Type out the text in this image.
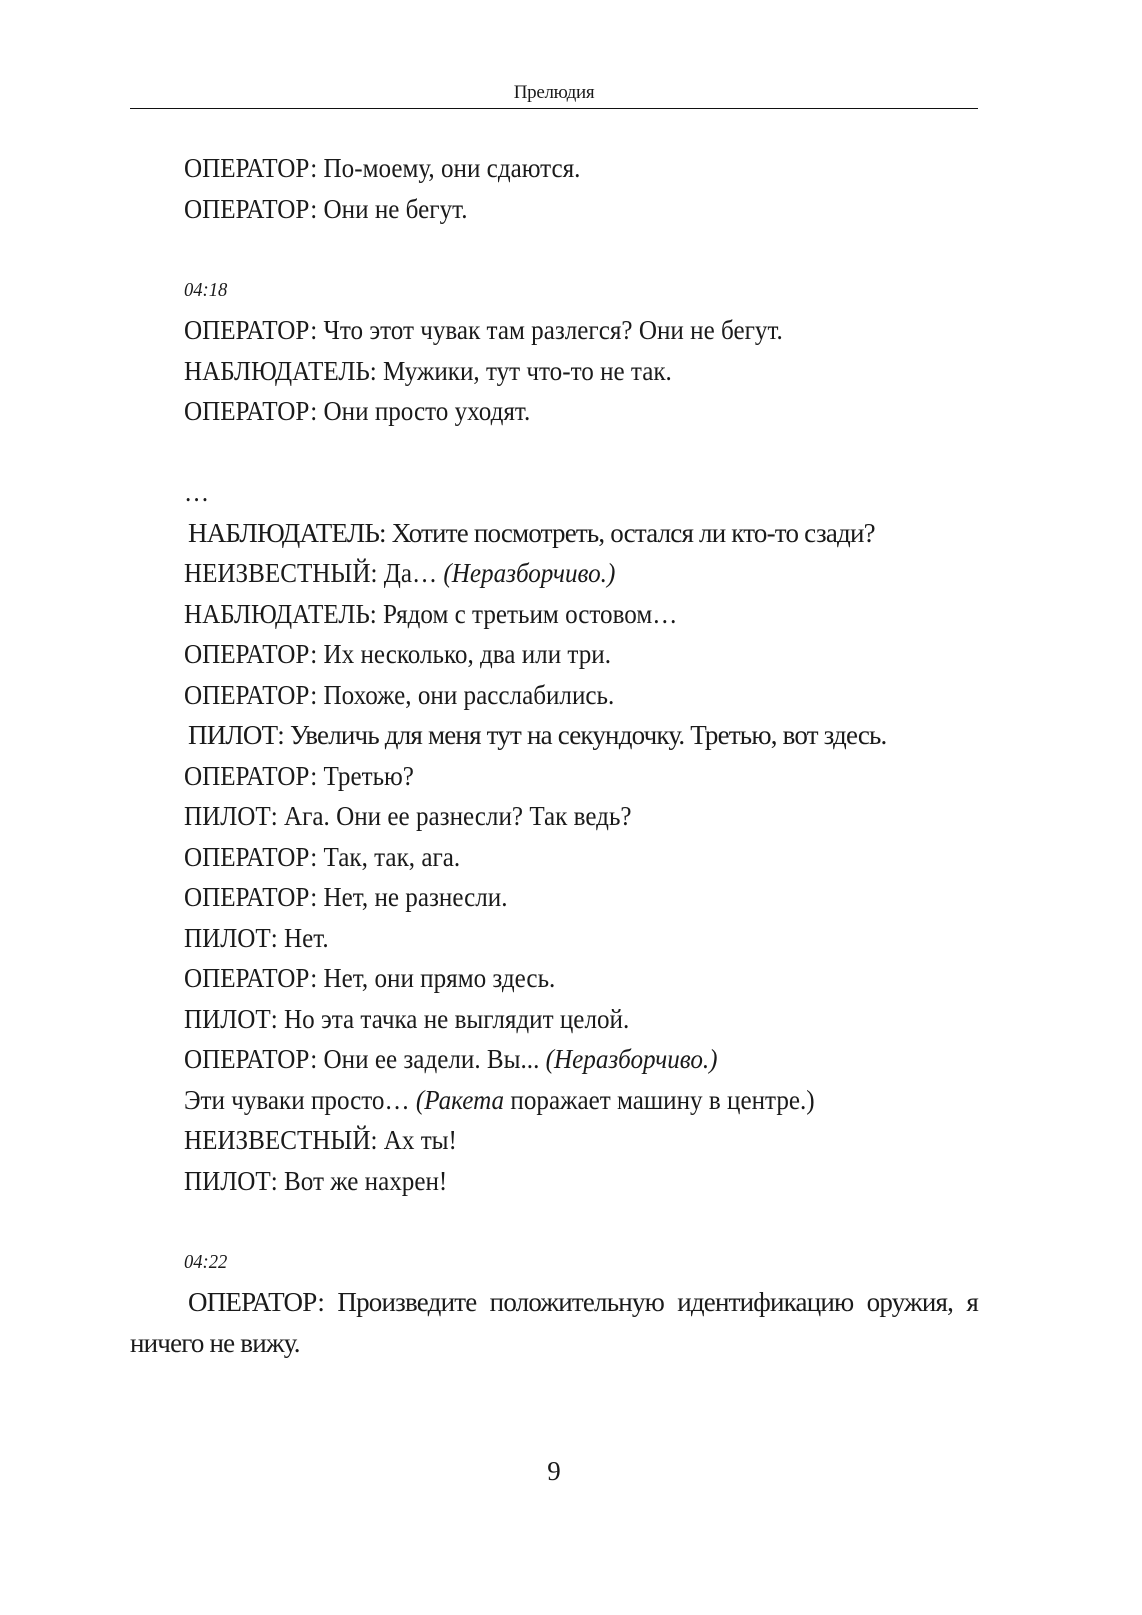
Прелюдия
ОПЕРАТОР: По-моему, они сдаются.
ОПЕРАТОР: Они не бегут.
04:18
ОПЕРАТОР: Что этот чувак там разлегся? Они не бегут.
НАБЛЮДАТЕЛЬ: Мужики, тут что-то не так.
ОПЕРАТОР: Они просто уходят.
…
НАБЛЮДАТЕЛЬ: Хотите посмотреть, остался ли кто-то сзади?
НЕИЗВЕСТНЫЙ: Да… (Неразборчиво.)
НАБЛЮДАТЕЛЬ: Рядом с третьим остовом…
ОПЕРАТОР: Их несколько, два или три.
ОПЕРАТОР: Похоже, они расслабились.
ПИЛОТ: Увеличь для меня тут на секундочку. Третью, вот здесь.
ОПЕРАТОР: Третью?
ПИЛОТ: Ага. Они ее разнесли? Так ведь?
ОПЕРАТОР: Так, так, ага.
ОПЕРАТОР: Нет, не разнесли.
ПИЛОТ: Нет.
ОПЕРАТОР: Нет, они прямо здесь.
ПИЛОТ: Но эта тачка не выглядит целой.
ОПЕРАТОР: Они ее задели. Вы... (Неразборчиво.)
Эти чуваки просто… (Ракета поражает машину в центре.)
НЕИЗВЕСТНЫЙ: Ах ты!
ПИЛОТ: Вот же нахрен!
04:22
ОПЕРАТОР: Произведите положительную идентификацию оружия, я ничего не вижу.
9
